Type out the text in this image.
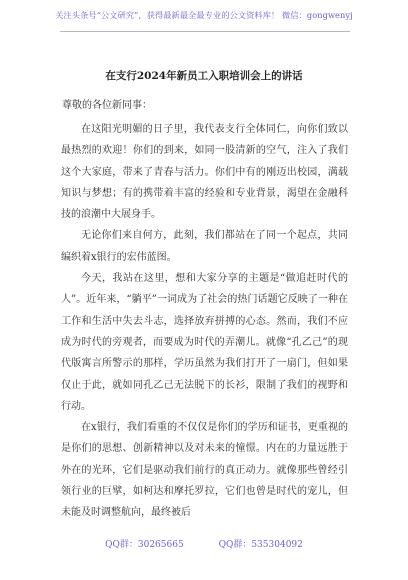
关注头条号“公文研究”，获得最新最全最专业的公文资料库！ 微信：gongwenyj
在支行2024年新员工入职培训会上的讲话
尊敬的各位新同事：

在这阳光明媚的日子里，我代表支行全体同仁，向你们致以最热烈的欢迎！你们的到来，如同一股清新的空气，注入了我们这个大家庭，带来了青春与活力。你们中有的刚迈出校园，满载知识与梦想；有的携带着丰富的经验和专业背景，渴望在金融科技的浪潮中大展身手。

无论你们来自何方，此刻，我们都站在了同一个起点，共同编织着x银行的宏伟蓝图。

今天，我站在这里，想和大家分享的主题是“做追赶时代的人”。近年来，“躺平”一词成为了社会的热门话题它反映了一种在工作和生活中失去斗志，选择放弃拼搏的心态。然而，我们不应成为时代的旁观者，而要成为时代的弄潮儿。就像“孔乙己”的现代版寓言所警示的那样，学历虽然为我们打开了一扇门，但如果仅止于此，就如同孔乙己无法脱下的长衫，限制了我们的视野和行动。

在x银行，我们看重的不仅仅是你们的学历和证书，更重视的是你们的思想、创新精神以及对未来的憧憬。内在的力量远胜于外在的光环，它们是驱动我们前行的真正动力。就像那些曾经引领行业的巨擘，如柯达和摩托罗拉，它们也曾是时代的宠儿，但未能及时调整航向，最终被后

QQ群：30265665	QQ群：535304092
